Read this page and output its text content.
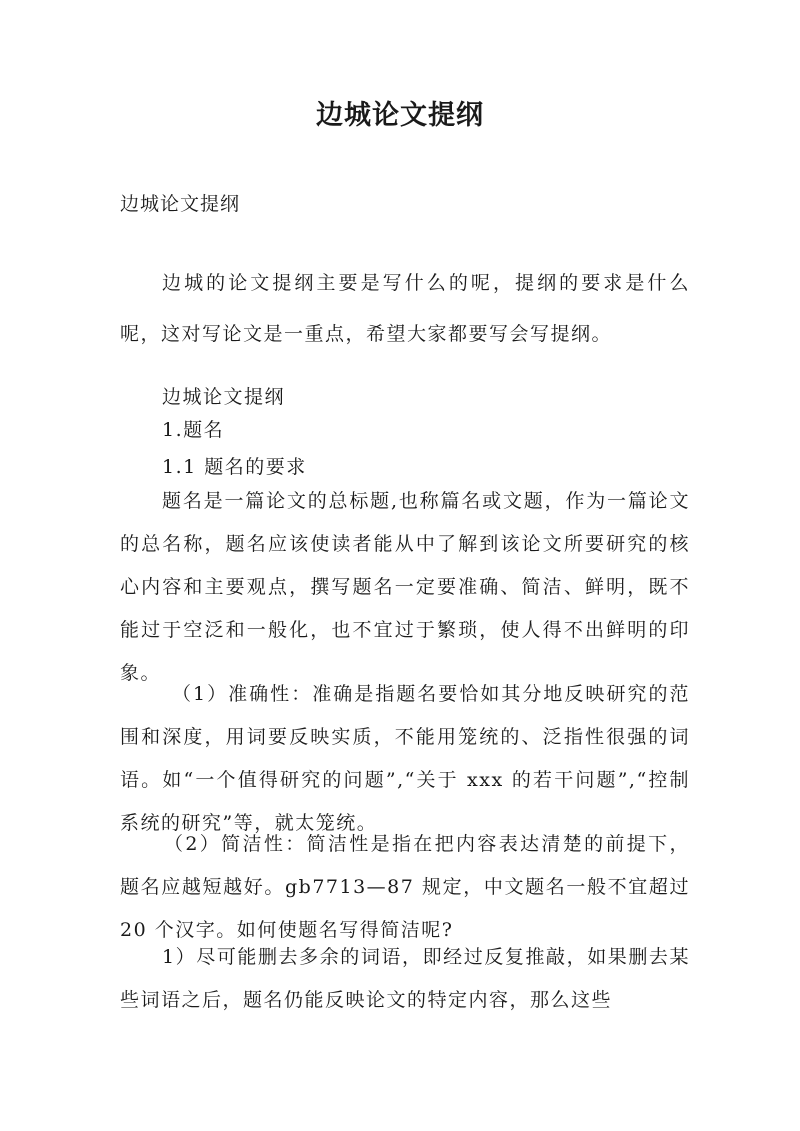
边城论文提纲

边城论文提纲

边城的论文提纲主要是写什么的呢，提纲的要求是什么呢，这对写论文是一重点，希望大家都要写会写提纲。

边城论文提纲

1.题名

1.1 题名的要求

题名是一篇论文的总标题,也称篇名或文题，作为一篇论文的总名称，题名应该使读者能从中了解到该论文所要研究的核心内容和主要观点，撰写题名一定要准确、简洁、鲜明，既不能过于空泛和一般化，也不宜过于繁琐，使人得不出鲜明的印象。

（1）准确性：准确是指题名要恰如其分地反映研究的范围和深度，用词要反映实质，不能用笼统的、泛指性很强的词语。如“一个值得研究的问题”,“关于 xxx 的若干问题”,“控制系统的研究”等，就太笼统。

（2）简洁性：简洁性是指在把内容表达清楚的前提下，题名应越短越好。gb7713—87 规定，中文题名一般不宜超过 20 个汉字。如何使题名写得简洁呢?

1）尽可能删去多余的词语，即经过反复推敲，如果删去某些词语之后，题名仍能反映论文的特定内容，那么这些
